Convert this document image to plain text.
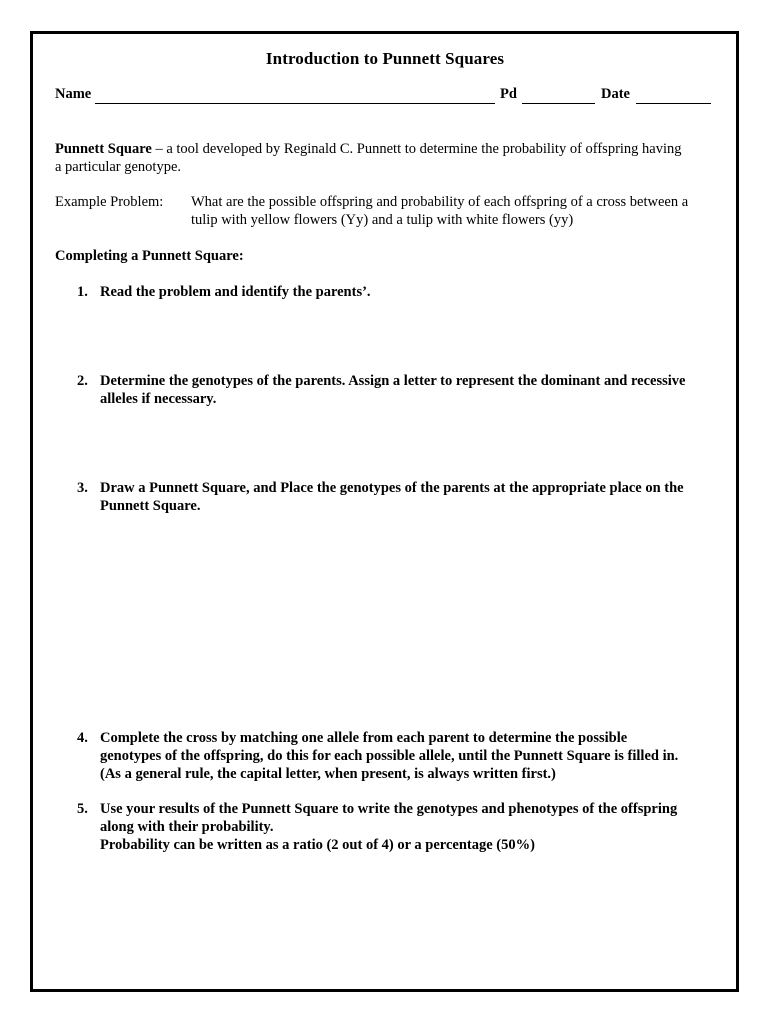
Introduction to Punnett Squares
Name	Pd	Date
Punnett Square – a tool developed by Reginald C. Punnett to determine the probability of offspring having
a particular genotype.
Example Problem:	What are the possible offspring and probability of each offspring of a cross between a
tulip with yellow flowers (Yy) and a tulip with white flowers (yy)
Completing a Punnett Square:
1. Read the problem and identify the parents’.
2. Determine the genotypes of the parents. Assign a letter to represent the dominant and recessive
alleles if necessary.
3. Draw a Punnett Square, and Place the genotypes of the parents at the appropriate place on the
Punnett Square.
4. Complete the cross by matching one allele from each parent to determine the possible
genotypes of the offspring, do this for each possible allele, until the Punnett Square is filled in.
(As a general rule, the capital letter, when present, is always written first.)
5. Use your results of the Punnett Square to write the genotypes and phenotypes of the offspring
along with their probability.
Probability can be written as a ratio (2 out of 4) or a percentage (50%)
